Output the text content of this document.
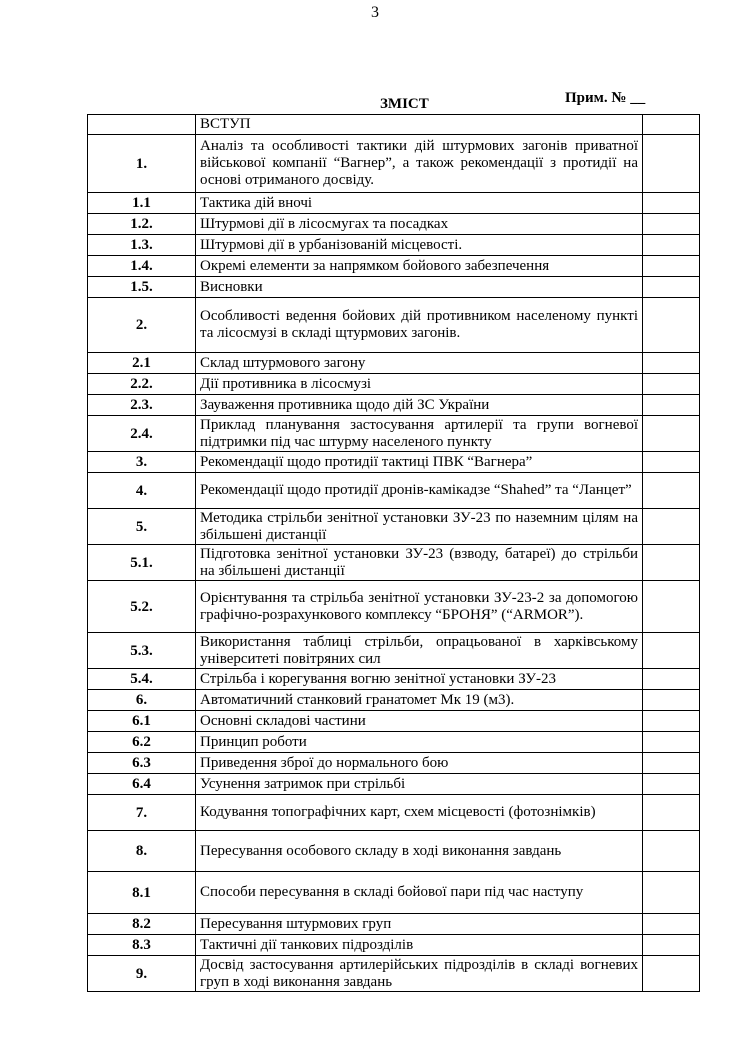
3
Прим. № __
ЗМІСТ
	ВСТУП	
1.	Аналіз та особливості тактики дій штурмових загонів приватної військової компанії “Вагнер”, а також рекомендації з протидії на основі отриманого досвіду.	
1.1	Тактика дій вночі	
1.2.	Штурмові дії в лісосмугах та посадках	
1.3.	Штурмові дії в урбанізованій місцевості.	
1.4.	Окремі елементи за напрямком бойового забезпечення	
1.5.	Висновки	
2.	Особливості ведення бойових дій противником населеному пункті та лісосмузі в складі щтурмових загонів.	
2.1	Склад штурмового загону	
2.2.	Дії противника в лісосмузі	
2.3.	Зауваження противника щодо дій ЗС України	
2.4.	Приклад планування застосування артилерії та групи вогневої підтримки під час штурму населеного пункту	
3.	Рекомендації щодо протидії тактиці ПВК “Вагнера”	
4.	Рекомендації щодо протидії дронів-камікадзе “Shahed” та “Ланцет”	
5.	Методика стрільби зенітної установки ЗУ-23 по наземним цілям на збільшені дистанції	
5.1.	Підготовка зенітної установки ЗУ-23 (взводу, батареї) до стрільби на збільшені дистанції	
5.2.	Орієнтування та стрільба зенітної установки ЗУ-23-2 за допомогою графічно-розрахункового комплексу “БРОНЯ” (“ARMOR”).	
5.3.	Використання таблиці стрільби, опрацьованої в харківському університеті повітряних сил	
5.4.	Стрільба і корегування вогню зенітної установки ЗУ-23	
6.	Автоматичний станковий гранатомет Мк 19 (м3).	
6.1	Основні складові частини	
6.2	Принцип роботи	
6.3	Приведення зброї до нормального бою	
6.4	Усунення затримок при стрільбі	
7.	Кодування топографічних карт, схем місцевості (фотознімків)	
8.	Пересування особового складу в ході виконання завдань	
8.1	Способи пересування в складі бойової пари під час наступу	
8.2	Пересування штурмових груп	
8.3	Тактичні дії танкових підрозділів	
9.	Досвід застосування артилерійських підрозділів в складі вогневих груп в ході виконання завдань	
